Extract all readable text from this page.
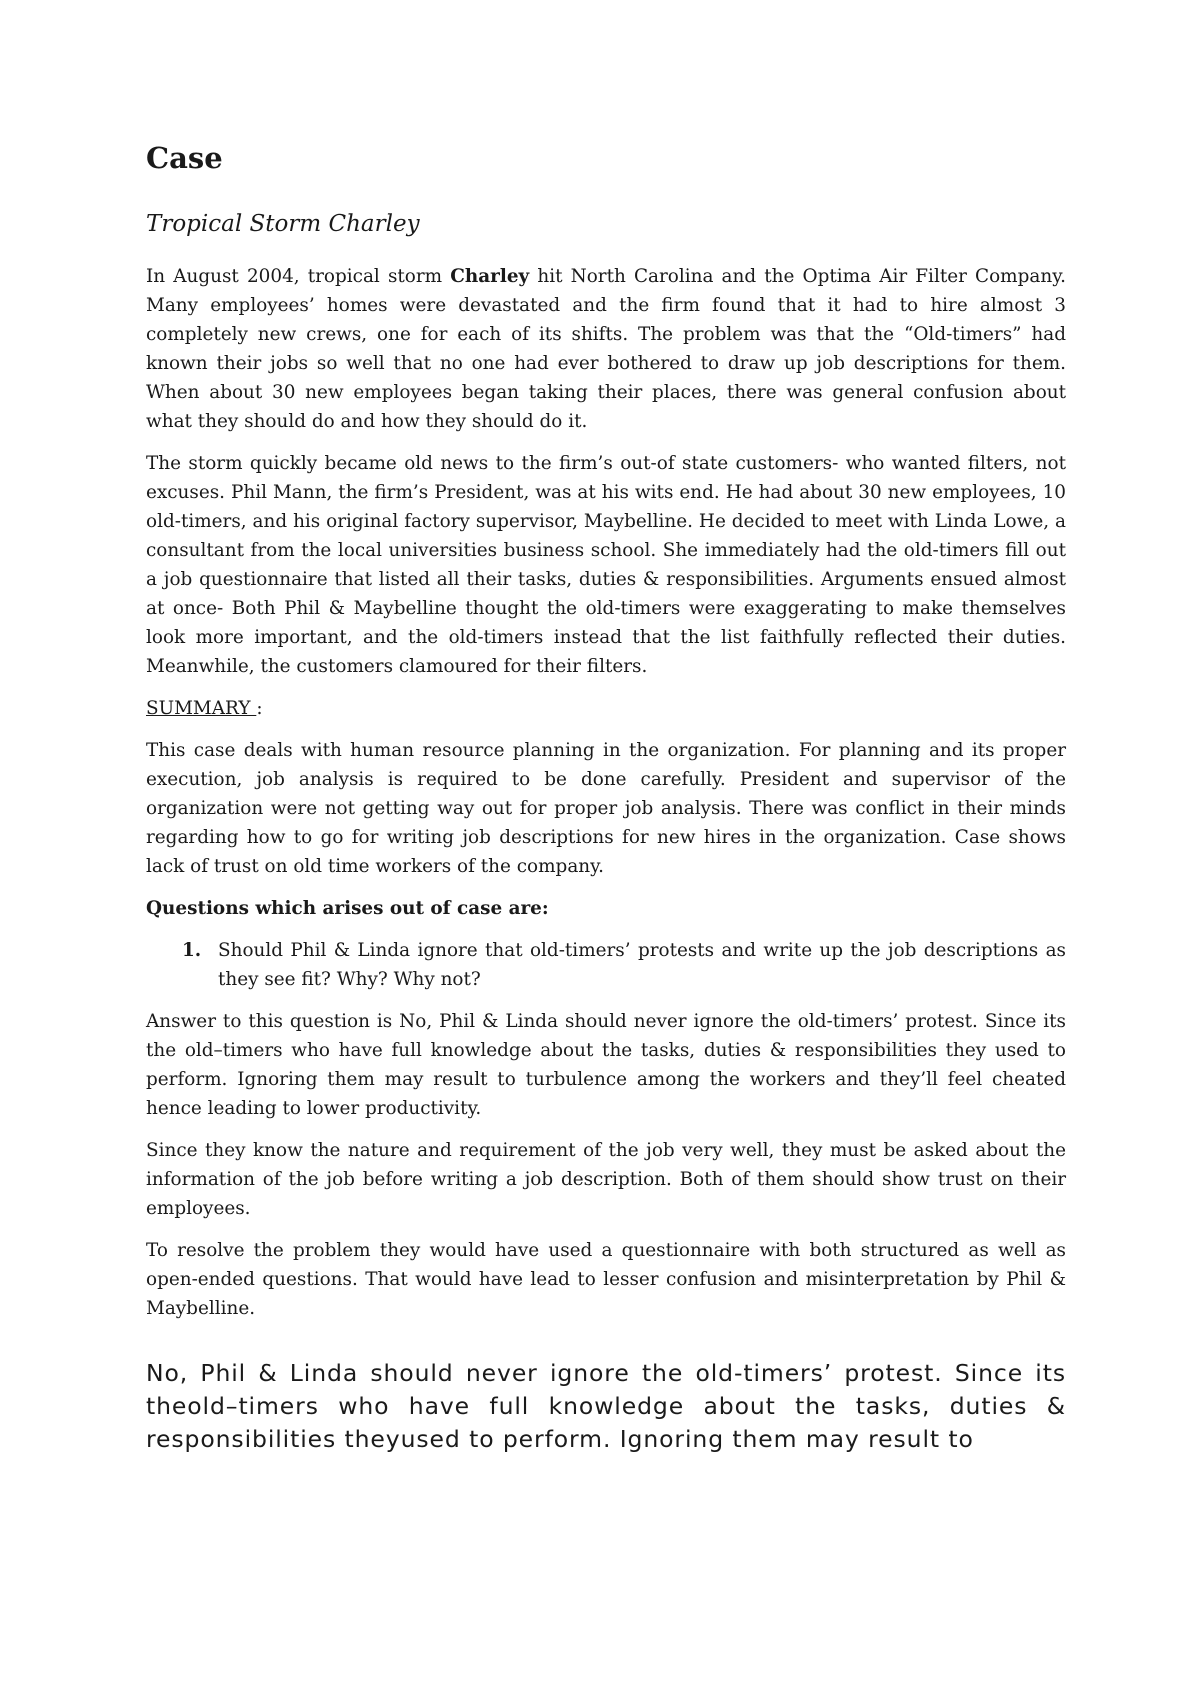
Case
Tropical Storm Charley

In August 2004, tropical storm Charley hit North Carolina and the Optima Air Filter Company. Many employees’ homes were devastated and the firm found that it had to hire almost 3 completely new crews, one for each of its shifts. The problem was that the “Old-timers” had known their jobs so well that no one had ever bothered to draw up job descriptions for them. When about 30 new employees began taking their places, there was general confusion about what they should do and how they should do it.

The storm quickly became old news to the firm’s out-of state customers- who wanted filters, not excuses. Phil Mann, the firm’s President, was at his wits end. He had about 30 new employees, 10 old-timers, and his original factory supervisor, Maybelline. He decided to meet with Linda Lowe, a consultant from the local universities business school. She immediately had the old-timers fill out a job questionnaire that listed all their tasks, duties & responsibilities. Arguments ensued almost at once- Both Phil & Maybelline thought the old-timers were exaggerating to make themselves look more important, and the old-timers instead that the list faithfully reflected their duties. Meanwhile, the customers clamoured for their filters.

SUMMARY :

This case deals with human resource planning in the organization. For planning and its proper execution, job analysis is required to be done carefully. President and supervisor of the organization were not getting way out for proper job analysis. There was conflict in their minds regarding how to go for writing job descriptions for new hires in the organization. Case shows lack of trust on old time workers of the company.

Questions which arises out of case are:
1. Should Phil & Linda ignore that old-timers’ protests and write up the job descriptions as they see fit? Why? Why not?

Answer to this question is No, Phil & Linda should never ignore the old-timers’ protest. Since its the old–timers who have full knowledge about the tasks, duties & responsibilities they used to perform. Ignoring them may result to turbulence among the workers and they’ll feel cheated hence leading to lower productivity.

Since they know the nature and requirement of the job very well, they must be asked about the information of the job before writing a job description. Both of them should show trust on their employees.

To resolve the problem they would have used a questionnaire with both structured as well as open-ended questions. That would have lead to lesser confusion and misinterpretation by Phil & Maybelline.

No, Phil & Linda should never ignore the old-timers’ protest. Since its theold–timers who have full knowledge about the tasks, duties & responsibilities theyused to perform. Ignoring them may result to
